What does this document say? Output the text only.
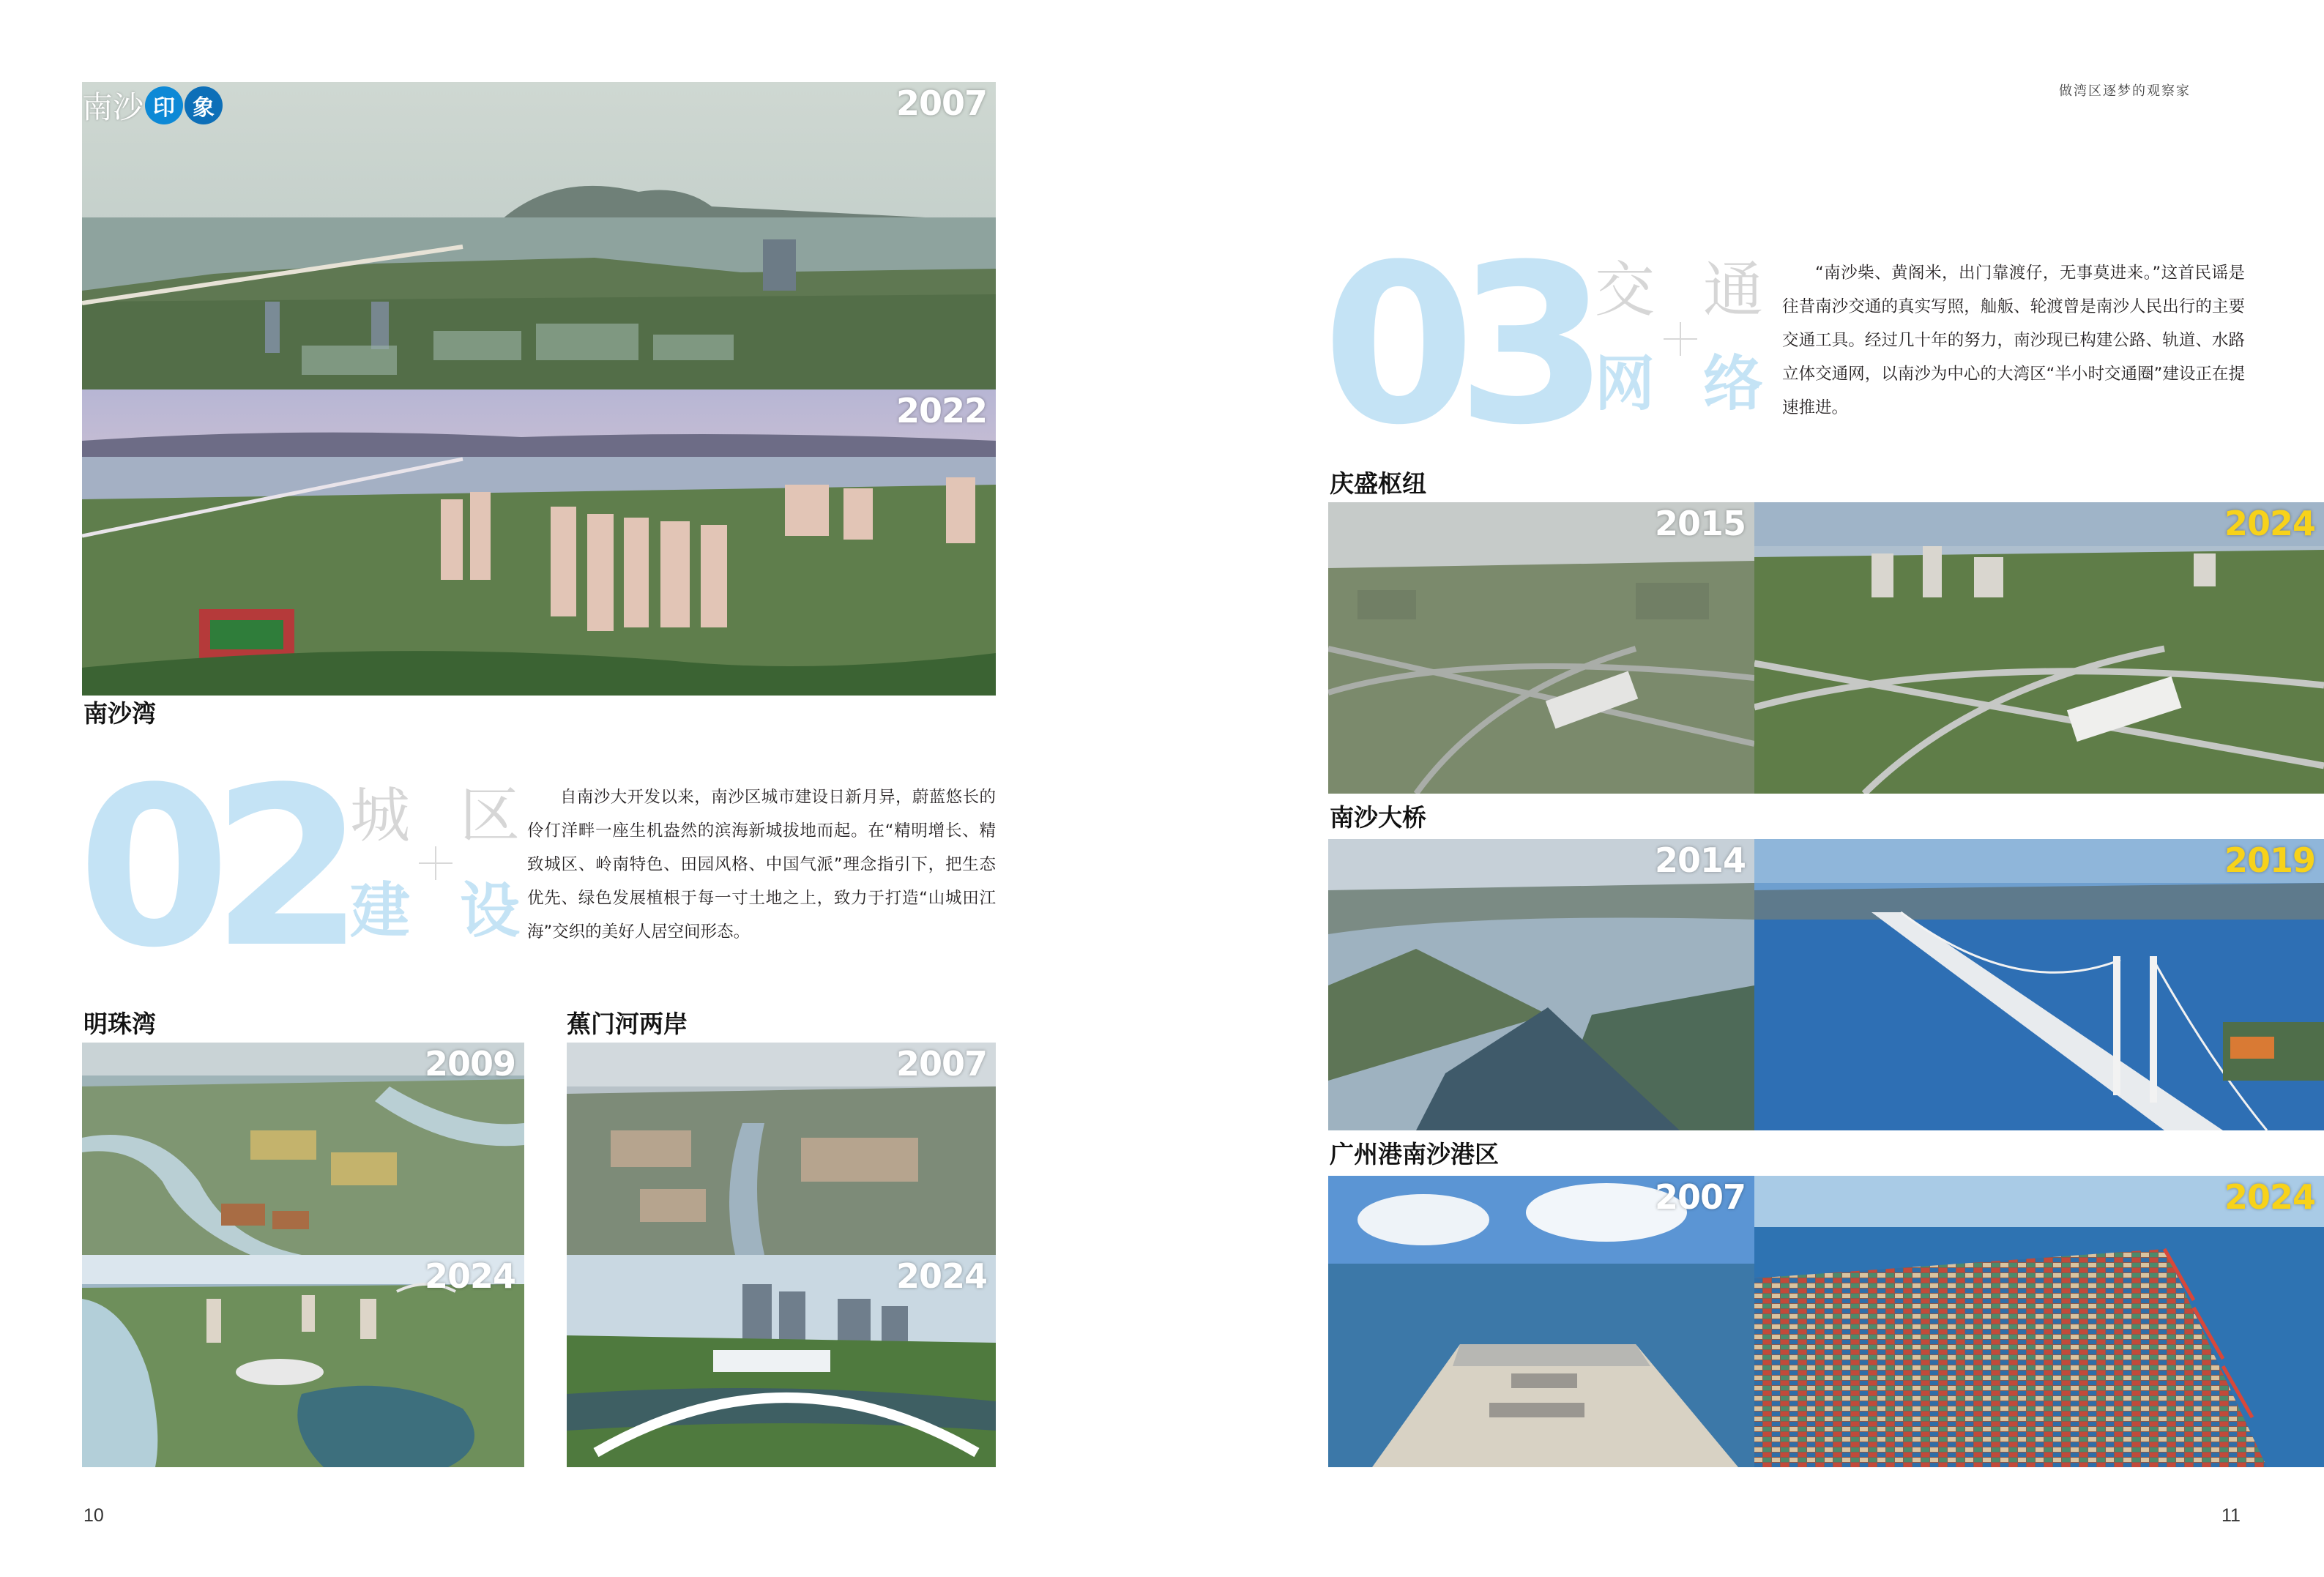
南沙 印 象	2007
2022
南沙湾
02 城 区
建 设
自南沙大开发以来，南沙区城市建设日新月异，蔚蓝悠长的伶仃洋畔一座生机盎然的滨海新城拔地而起。在“精明增长、精致城区、岭南特色、田园风格、中国气派”理念指引下，把生态优先、绿色发展植根于每一寸土地之上，致力于打造“山城田江海”交织的美好人居空间形态。
明珠湾
2009
2024
蕉门河两岸
2007
2024
10
做湾区逐梦的观察家
03 交 通
网 络
“南沙柴、黄阁米，出门靠渡仔，无事莫进来。”这首民谣是往昔南沙交通的真实写照，舢舨、轮渡曾是南沙人民出行的主要交通工具。经过几十年的努力，南沙现已构建公路、轨道、水路立体交通网，以南沙为中心的大湾区“半小时交通圈”建设正在提速推进。
庆盛枢纽
2015	2024
南沙大桥
2014	2019
广州港南沙港区
2007	2024
11
